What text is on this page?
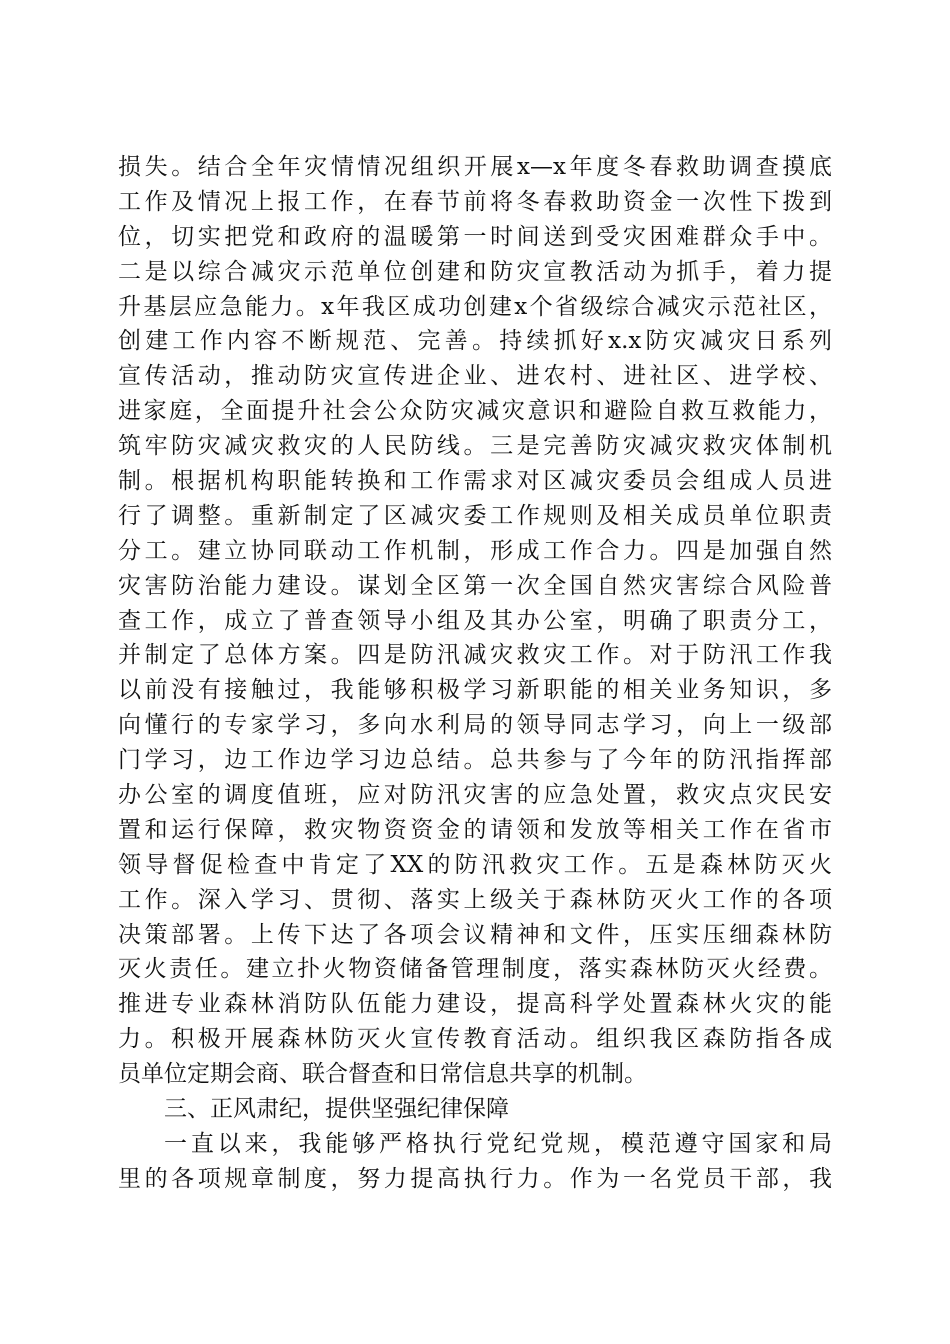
损失。结合全年灾情情况组织开展x—x年度冬春救助调查摸底
工作及情况上报工作，在春节前将冬春救助资金一次性下拨到
位，切实把党和政府的温暖第一时间送到受灾困难群众手中。
二是以综合减灾示范单位创建和防灾宣教活动为抓手，着力提
升基层应急能力。x年我区成功创建x个省级综合减灾示范社区，
创建工作内容不断规范、完善。持续抓好x.x防灾减灾日系列
宣传活动，推动防灾宣传进企业、进农村、进社区、进学校、
进家庭，全面提升社会公众防灾减灾意识和避险自救互救能力，
筑牢防灾减灾救灾的人民防线。三是完善防灾减灾救灾体制机
制。根据机构职能转换和工作需求对区减灾委员会组成人员进
行了调整。重新制定了区减灾委工作规则及相关成员单位职责
分工。建立协同联动工作机制，形成工作合力。四是加强自然
灾害防治能力建设。谋划全区第一次全国自然灾害综合风险普
查工作，成立了普查领导小组及其办公室，明确了职责分工，
并制定了总体方案。四是防汛减灾救灾工作。对于防汛工作我
以前没有接触过，我能够积极学习新职能的相关业务知识，多
向懂行的专家学习，多向水利局的领导同志学习，向上一级部
门学习，边工作边学习边总结。总共参与了今年的防汛指挥部
办公室的调度值班，应对防汛灾害的应急处置，救灾点灾民安
置和运行保障，救灾物资资金的请领和发放等相关工作在省市
领导督促检查中肯定了XX的防汛救灾工作。五是森林防灭火
工作。深入学习、贯彻、落实上级关于森林防灭火工作的各项
决策部署。上传下达了各项会议精神和文件，压实压细森林防
灭火责任。建立扑火物资储备管理制度，落实森林防灭火经费。
推进专业森林消防队伍能力建设，提高科学处置森林火灾的能
力。积极开展森林防灭火宣传教育活动。组织我区森防指各成
员单位定期会商、联合督查和日常信息共享的机制。
三、正风肃纪，提供坚强纪律保障
一直以来，我能够严格执行党纪党规，模范遵守国家和局
里的各项规章制度，努力提高执行力。作为一名党员干部，我
